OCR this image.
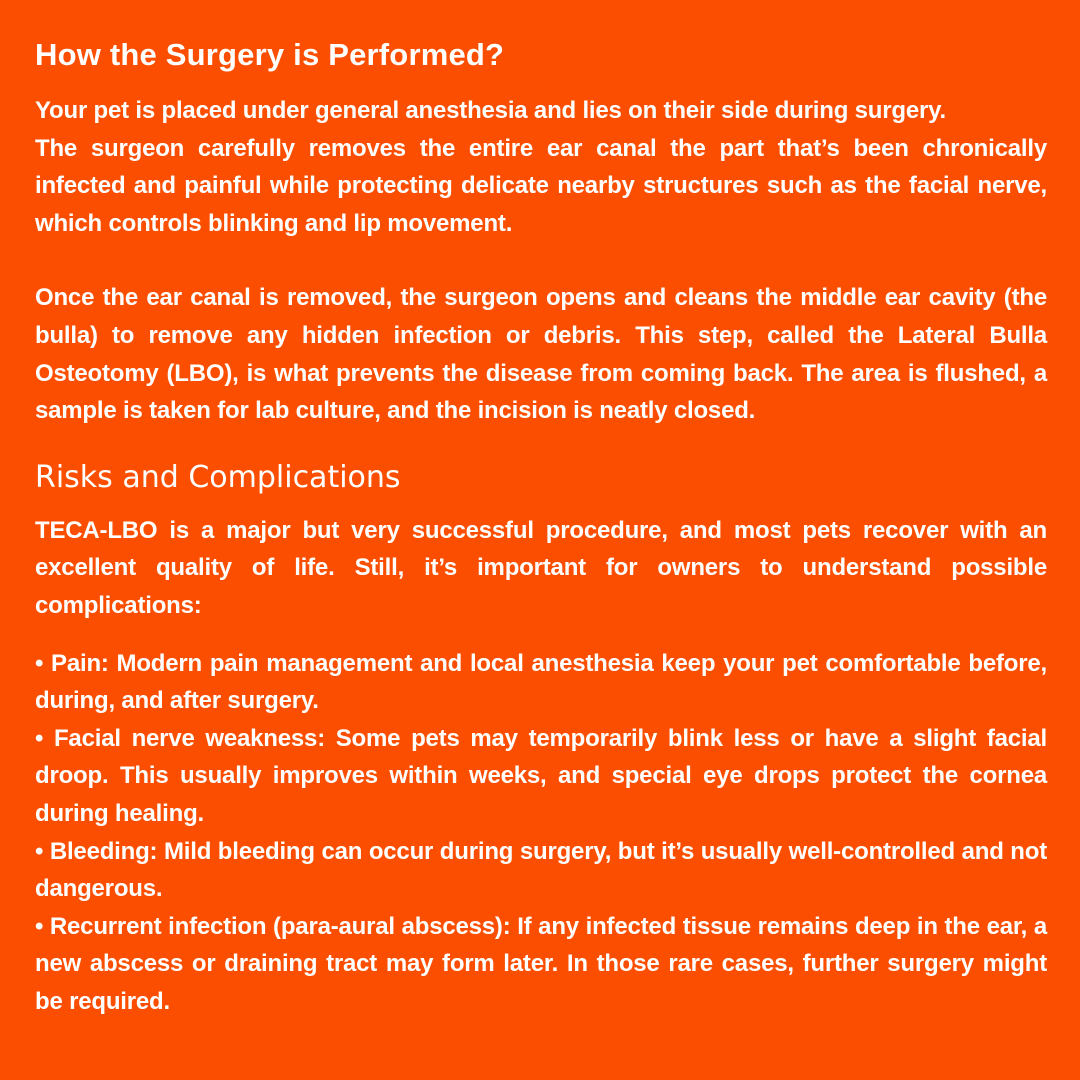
How the Surgery is Performed?
Your pet is placed under general anesthesia and lies on their side during surgery.
The surgeon carefully removes the entire ear canal the part that’s been chronically infected and painful while protecting delicate nearby structures such as the facial nerve, which controls blinking and lip movement.
Once the ear canal is removed, the surgeon opens and cleans the middle ear cavity (the bulla) to remove any hidden infection or debris. This step, called the Lateral Bulla Osteotomy (LBO), is what prevents the disease from coming back. The area is flushed, a sample is taken for lab culture, and the incision is neatly closed.
Risks and Complications
TECA-LBO is a major but very successful procedure, and most pets recover with an excellent quality of life. Still, it’s important for owners to understand possible complications:
• Pain: Modern pain management and local anesthesia keep your pet comfortable before, during, and after surgery.
• Facial nerve weakness: Some pets may temporarily blink less or have a slight facial droop. This usually improves within weeks, and special eye drops protect the cornea during healing.
• Bleeding: Mild bleeding can occur during surgery, but it’s usually well-controlled and not dangerous.
• Recurrent infection (para-aural abscess): If any infected tissue remains deep in the ear, a new abscess or draining tract may form later. In those rare cases, further surgery might be required.
